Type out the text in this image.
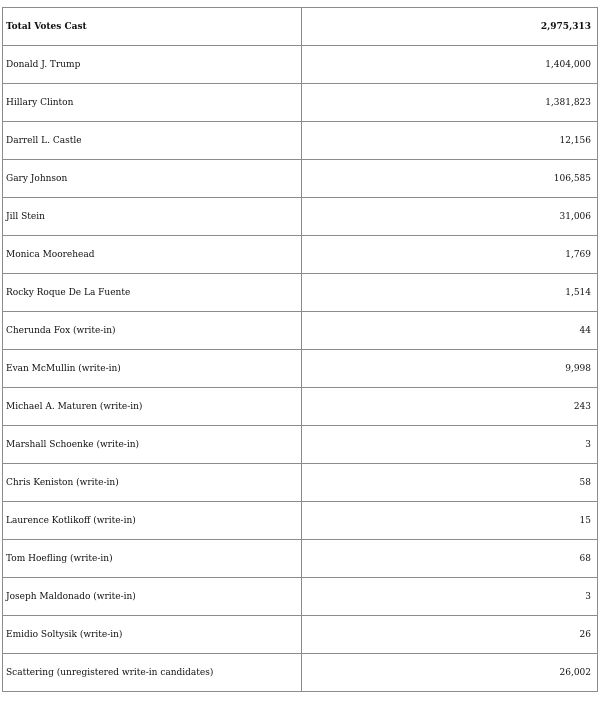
Total Votes Cast	2,975,313
Donald J. Trump	1,404,000
Hillary Clinton	1,381,823
Darrell L. Castle	12,156
Gary Johnson	106,585
Jill Stein	31,006
Monica Moorehead	1,769
Rocky Roque De La Fuente	1,514
Cherunda Fox (write-in)	44
Evan McMullin (write-in)	9,998
Michael A. Maturen (write-in)	243
Marshall Schoenke (write-in)	3
Chris Keniston (write-in)	58
Laurence Kotlikoff (write-in)	15
Tom Hoefling (write-in)	68
Joseph Maldonado (write-in)	3
Emidio Soltysik (write-in)	26
Scattering (unregistered write-in candidates)	26,002
